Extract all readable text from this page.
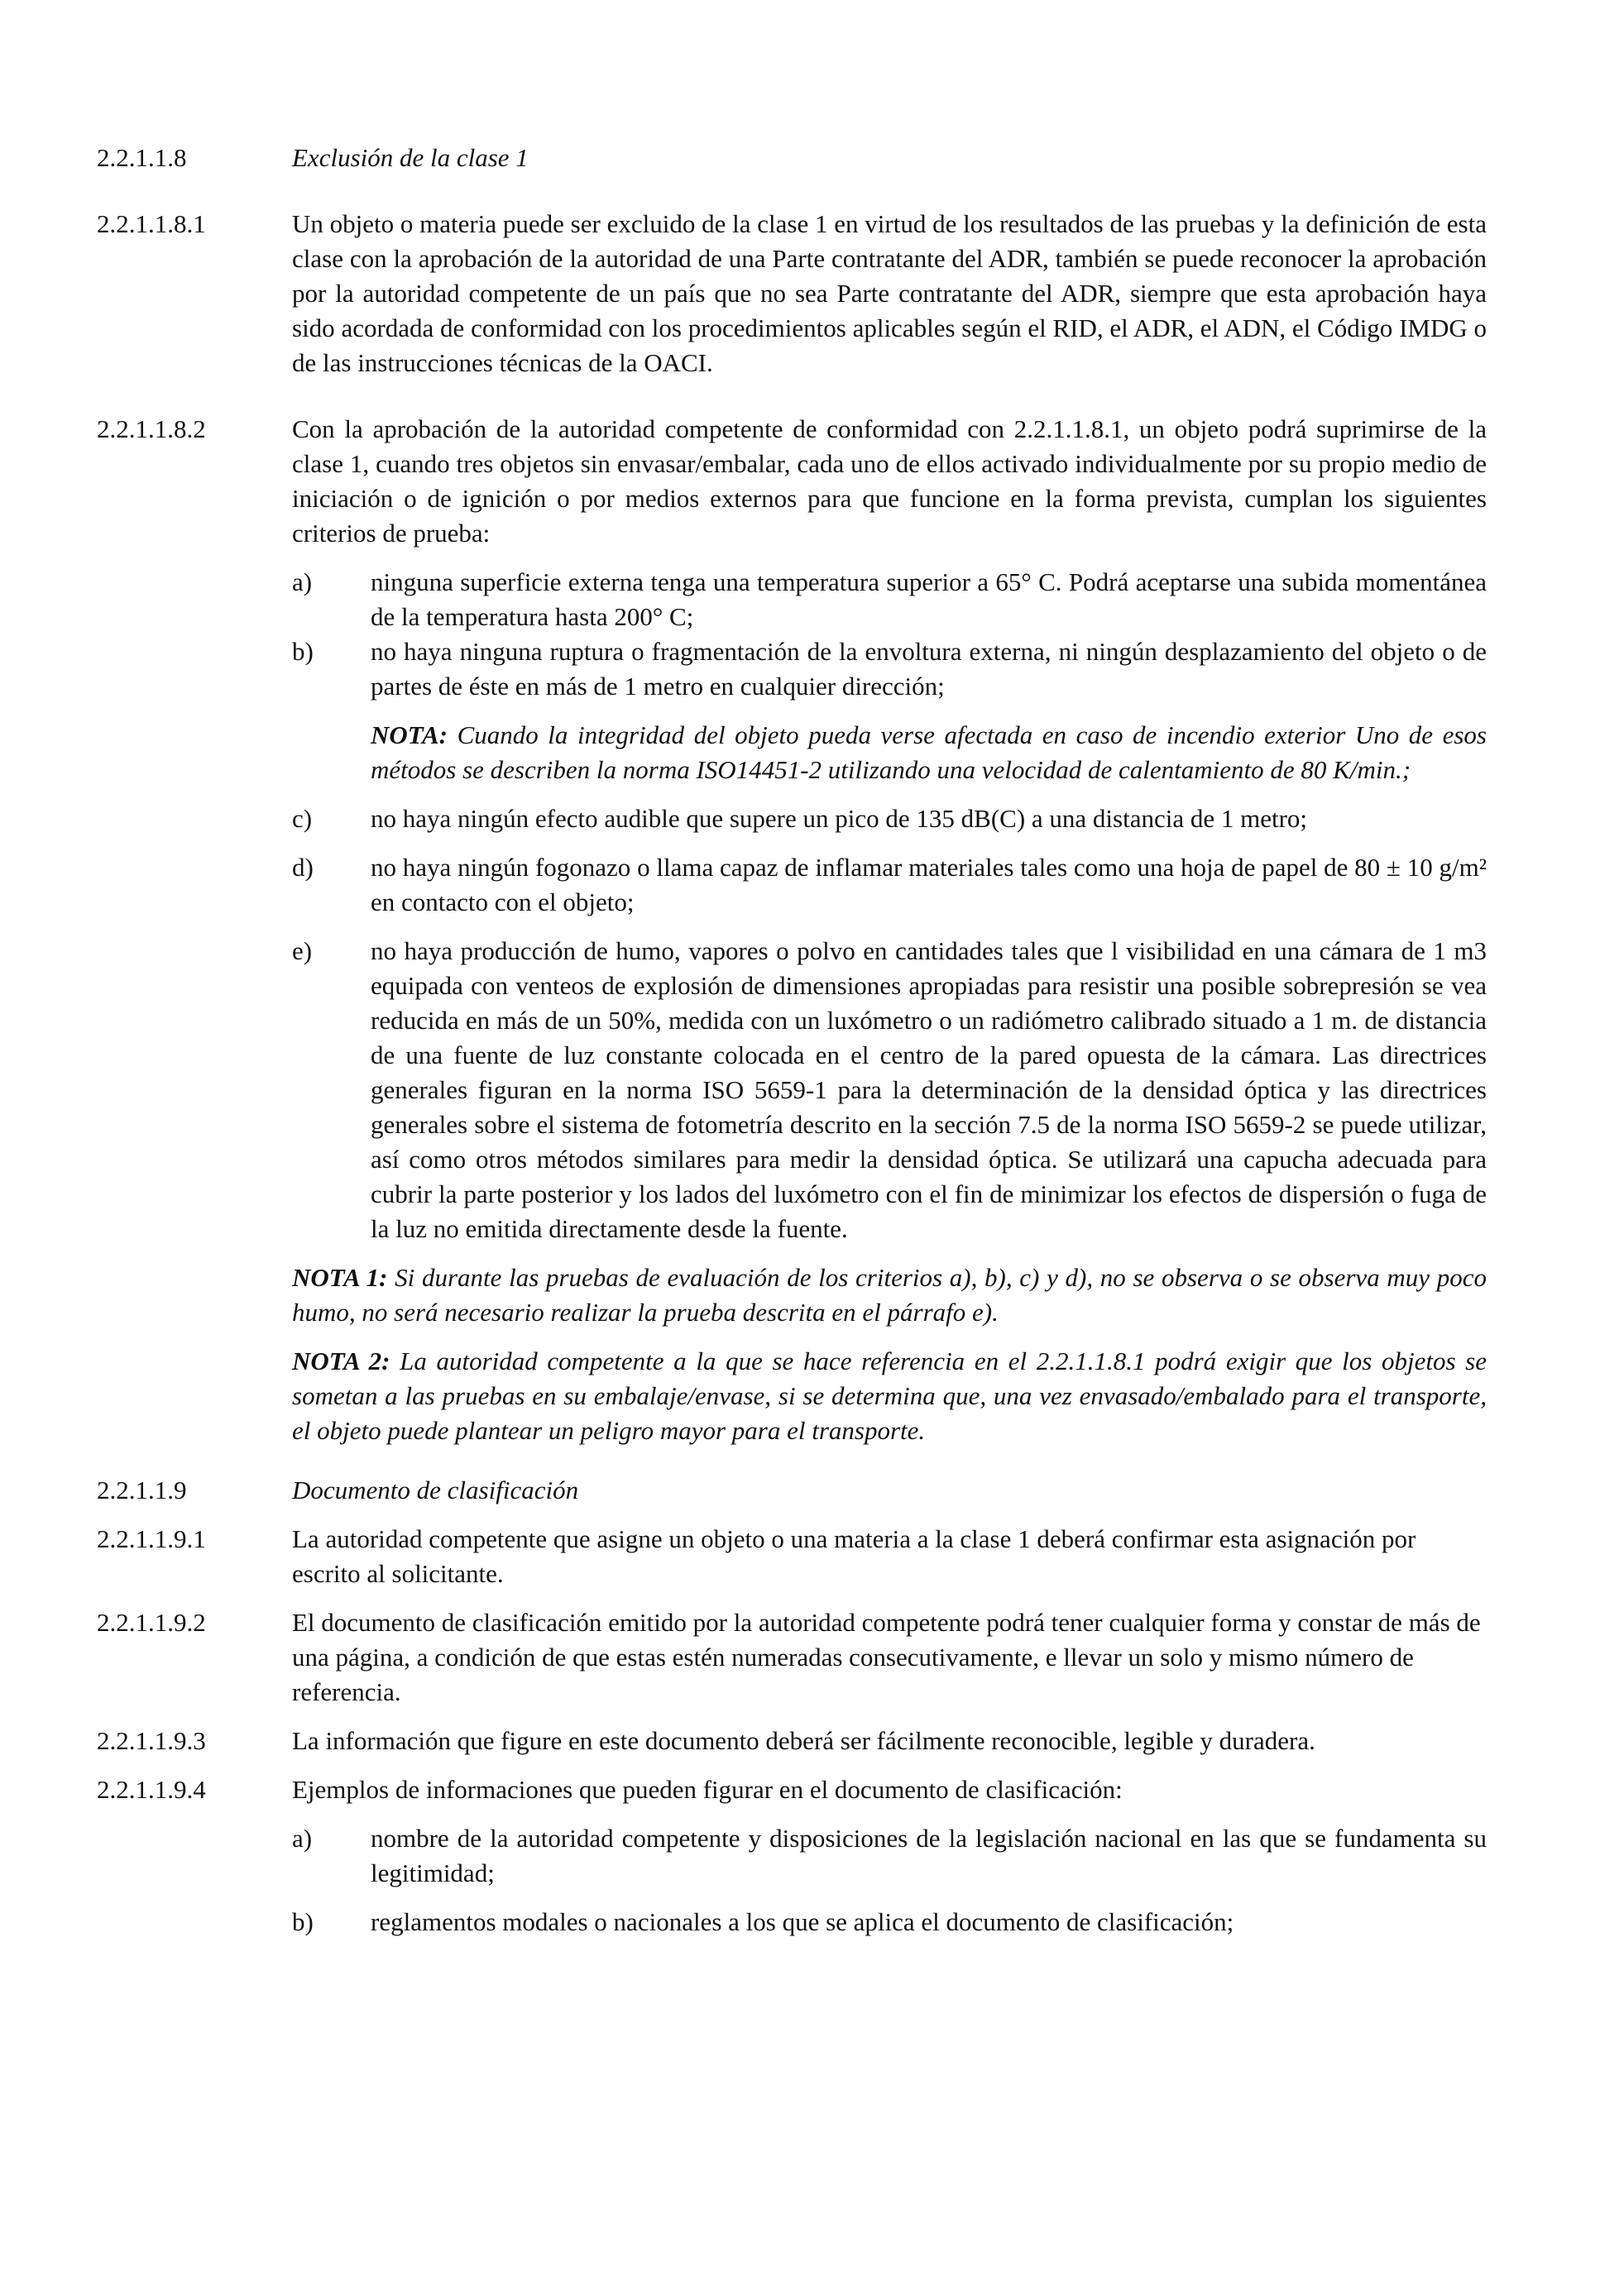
2.2.1.1.8	Exclusión de la clase 1
2.2.1.1.8.1	Un objeto o materia puede ser excluido de la clase 1 en virtud de los resultados de las pruebas y la definición de esta clase con la aprobación de la autoridad de una Parte contratante del ADR, también se puede reconocer la aprobación por la autoridad competente de un país que no sea Parte contratante del ADR, siempre que esta aprobación haya sido acordada de conformidad con los procedimientos aplicables según el RID, el ADR, el ADN, el Código IMDG o de las instrucciones técnicas de la OACI.
2.2.1.1.8.2	Con la aprobación de la autoridad competente de conformidad con 2.2.1.1.8.1, un objeto podrá suprimirse de la clase 1, cuando tres objetos sin envasar/embalar, cada uno de ellos activado individualmente por su propio medio de iniciación o de ignición o por medios externos para que funcione en la forma prevista, cumplan los siguientes criterios de prueba:

a)	ninguna superficie externa tenga una temperatura superior a 65° C. Podrá aceptarse una subida momentánea de la temperatura hasta 200° C;
b)	no haya ninguna ruptura o fragmentación de la envoltura externa, ni ningún desplazamiento del objeto o de partes de éste en más de 1 metro en cualquier dirección;
NOTA: Cuando la integridad del objeto pueda verse afectada en caso de incendio exterior Uno de esos métodos se describen la norma ISO14451-2 utilizando una velocidad de calentamiento de 80 K/min.;
c)	no haya ningún efecto audible que supere un pico de 135 dB(C) a una distancia de 1 metro;
d)	no haya ningún fogonazo o llama capaz de inflamar materiales tales como una hoja de papel de 80 ± 10 g/m² en contacto con el objeto;
e)	no haya producción de humo, vapores o polvo en cantidades tales que l visibilidad en una cámara de 1 m3 equipada con venteos de explosión de dimensiones apropiadas para resistir una posible sobrepresión se vea reducida en más de un 50%, medida con un luxómetro o un radiómetro calibrado situado a 1 m. de distancia de una fuente de luz constante colocada en el centro de la pared opuesta de la cámara. Las directrices generales figuran en la norma ISO 5659-1 para la determinación de la densidad óptica y las directrices generales sobre el sistema de fotometría descrito en la sección 7.5 de la norma ISO 5659-2 se puede utilizar, así como otros métodos similares para medir la densidad óptica. Se utilizará una capucha adecuada para cubrir la parte posterior y los lados del luxómetro con el fin de minimizar los efectos de dispersión o fuga de la luz no emitida directamente desde la fuente.
NOTA 1: Si durante las pruebas de evaluación de los criterios a), b), c) y d), no se observa o se observa muy poco humo, no será necesario realizar la prueba descrita en el párrafo e).
NOTA 2: La autoridad competente a la que se hace referencia en el 2.2.1.1.8.1 podrá exigir que los objetos se sometan a las pruebas en su embalaje/envase, si se determina que, una vez envasado/embalado para el transporte, el objeto puede plantear un peligro mayor para el transporte.
2.2.1.1.9	Documento de clasificación
2.2.1.1.9.1	La autoridad competente que asigne un objeto o una materia a la clase 1 deberá confirmar esta asignación por escrito al solicitante.
2.2.1.1.9.2	El documento de clasificación emitido por la autoridad competente podrá tener cualquier forma y constar de más de una página, a condición de que estas estén numeradas consecutivamente, e llevar un solo y mismo número de referencia.
2.2.1.1.9.3	La información que figure en este documento deberá ser fácilmente reconocible, legible y duradera.
2.2.1.1.9.4	Ejemplos de informaciones que pueden figurar en el documento de clasificación:

a)	nombre de la autoridad competente y disposiciones de la legislación nacional en las que se fundamenta su legitimidad;
b)	reglamentos modales o nacionales a los que se aplica el documento de clasificación;
